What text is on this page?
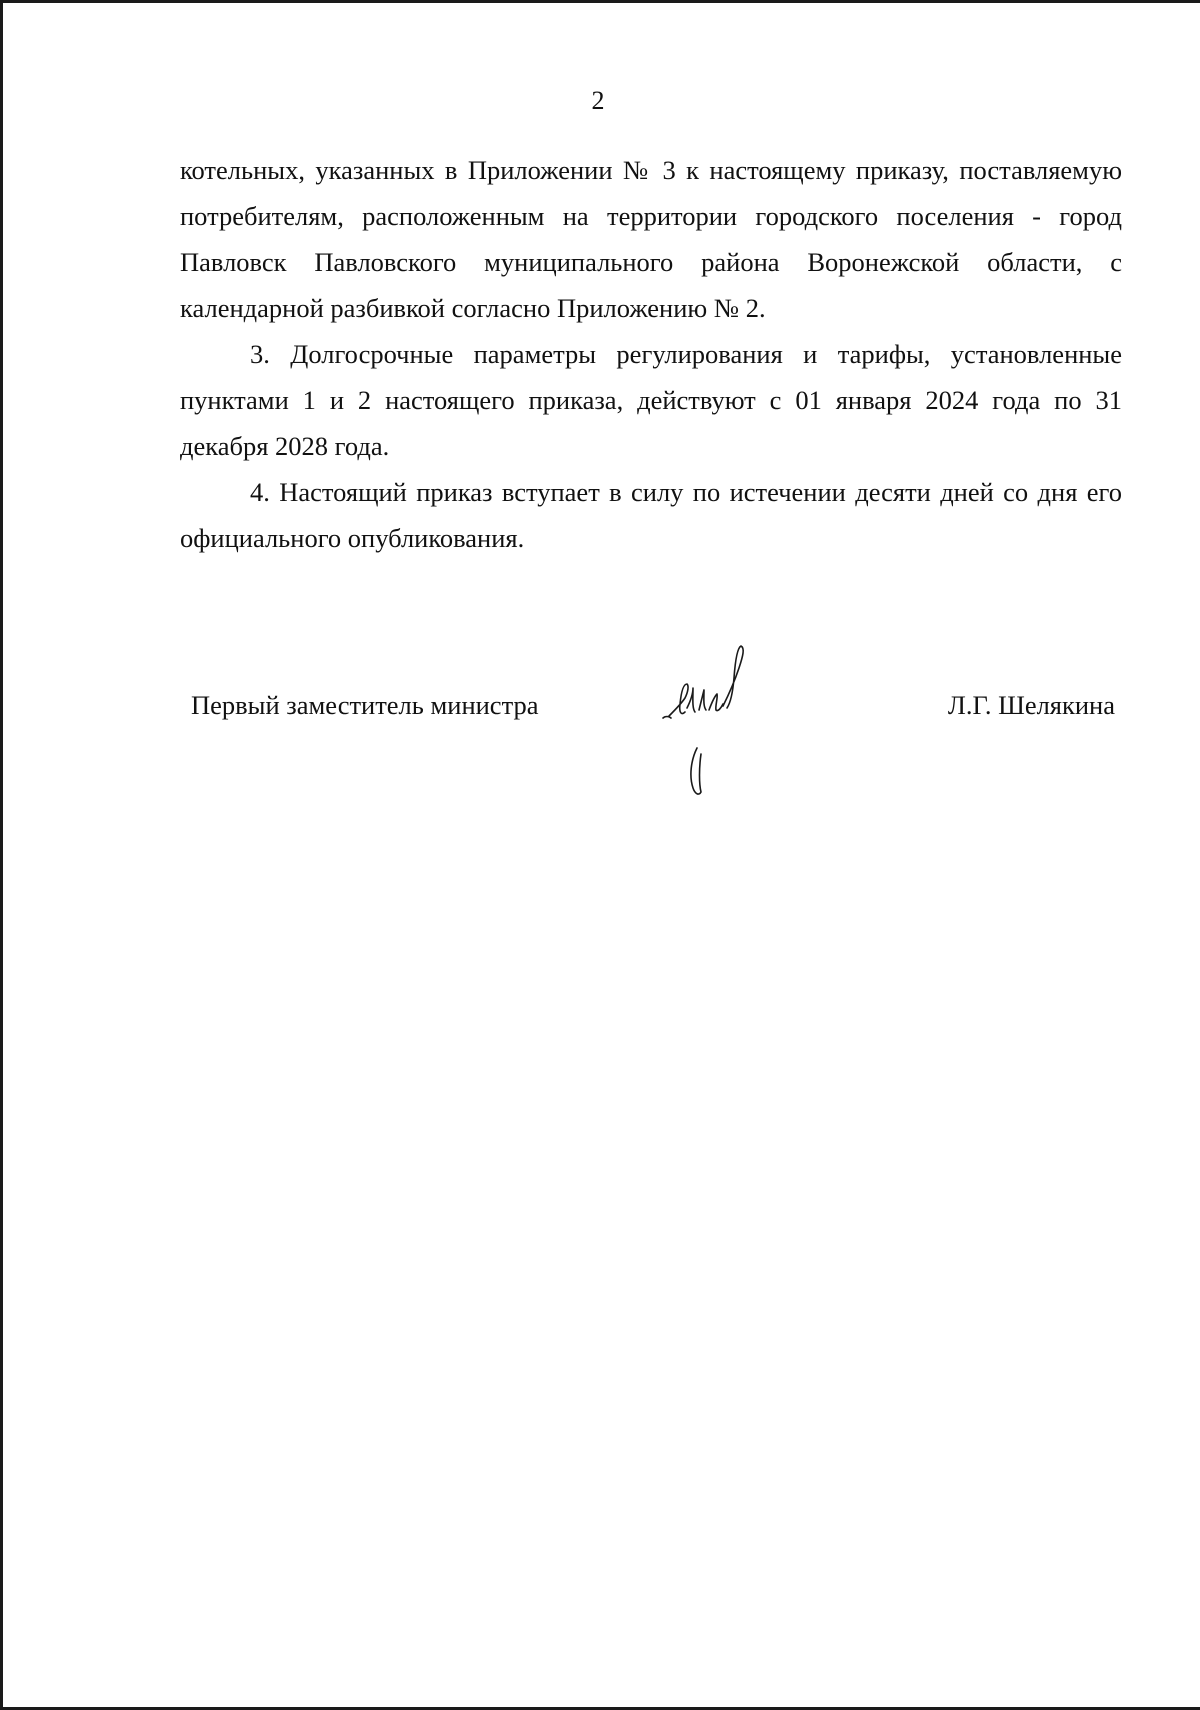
2

котельных, указанных в Приложении № 3 к настоящему приказу, поставляемую потребителям, расположенным на территории городского поселения - город Павловск Павловского муниципального района Воронежской области, с календарной разбивкой согласно Приложению № 2.

3. Долгосрочные параметры регулирования и тарифы, установленные пунктами 1 и 2 настоящего приказа, действуют с 01 января 2024 года по 31 декабря 2028 года.

4. Настоящий приказ вступает в силу по истечении десяти дней со дня его официального опубликования.

Первый заместитель министра	Л.Г. Шелякина
